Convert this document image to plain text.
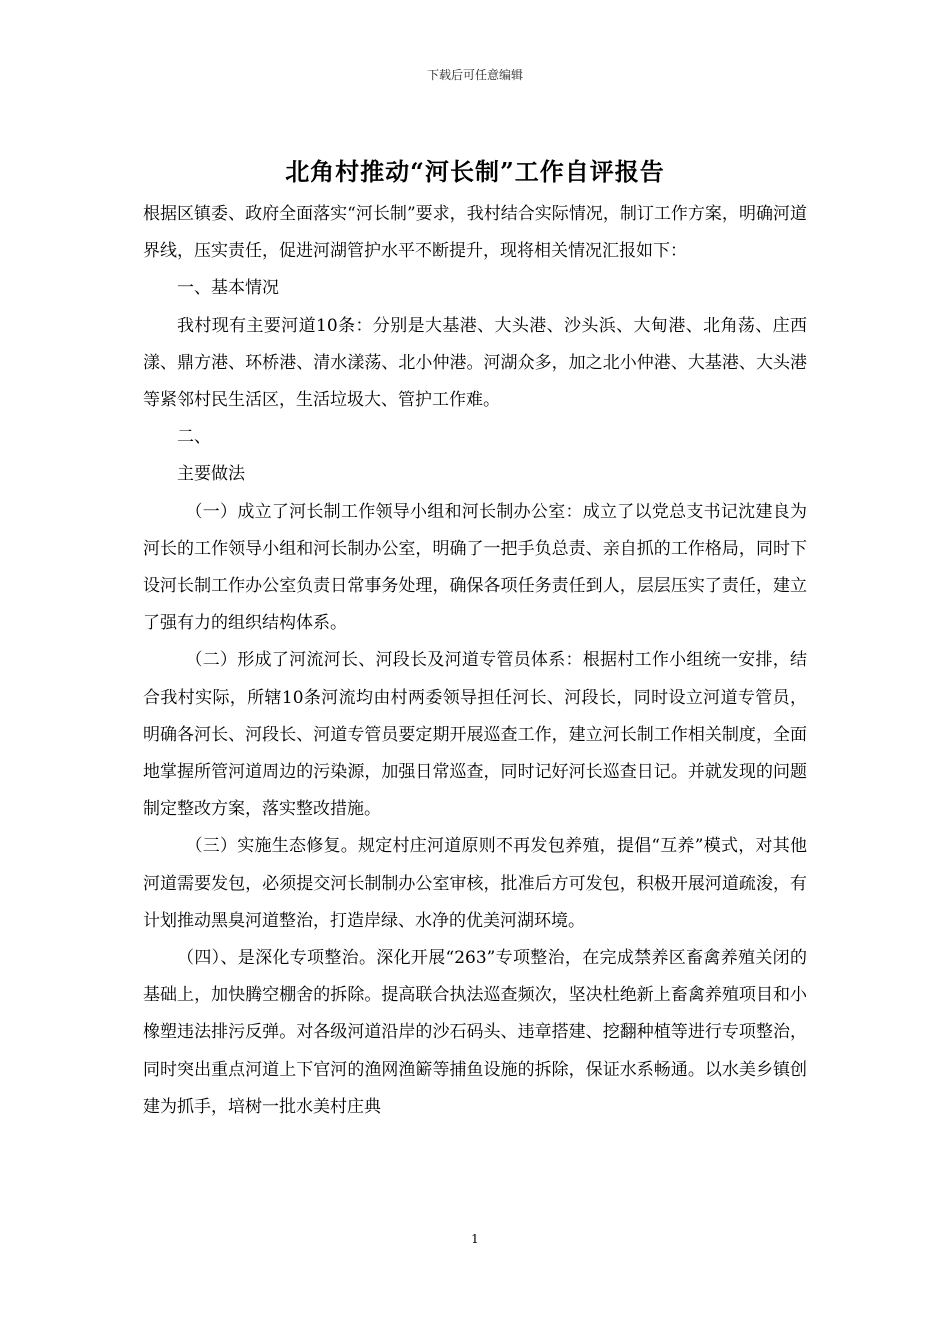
下载后可任意编辑
北角村推动“河长制”工作自评报告

根据区镇委、政府全面落实“河长制”要求，我村结合实际情况，制订工作方案，明确河道界线，压实责任，促进河湖管护水平不断提升，现将相关情况汇报如下：

一、基本情况

我村现有主要河道10条：分别是大基港、大头港、沙头浜、大甸港、北角荡、庄西漾、鼎方港、环桥港、清水漾荡、北小仲港。河湖众多，加之北小仲港、大基港、大头港等紧邻村民生活区，生活垃圾大、管护工作难。

二、

主要做法

（一）成立了河长制工作领导小组和河长制办公室：成立了以党总支书记沈建良为河长的工作领导小组和河长制办公室，明确了一把手负总责、亲自抓的工作格局，同时下设河长制工作办公室负责日常事务处理，确保各项任务责任到人，层层压实了责任，建立了强有力的组织结构体系。

（二）形成了河流河长、河段长及河道专管员体系：根据村工作小组统一安排，结合我村实际，所辖10条河流均由村两委领导担任河长、河段长，同时设立河道专管员，明确各河长、河段长、河道专管员要定期开展巡查工作，建立河长制工作相关制度，全面地掌握所管河道周边的污染源，加强日常巡查，同时记好河长巡查日记。并就发现的问题制定整改方案，落实整改措施。

（三）实施生态修复。规定村庄河道原则不再发包养殖，提倡“互养”模式，对其他河道需要发包，必须提交河长制制办公室审核，批准后方可发包，积极开展河道疏浚，有计划推动黑臭河道整治，打造岸绿、水净的优美河湖环境。

（四）、是深化专项整治。深化开展“263”专项整治，在完成禁养区畜禽养殖关闭的基础上，加快腾空棚舍的拆除。提高联合执法巡查频次，坚决杜绝新上畜禽养殖项目和小橡塑违法排污反弹。对各级河道沿岸的沙石码头、违章搭建、挖翻种植等进行专项整治，同时突出重点河道上下官河的渔网渔簖等捕鱼设施的拆除，保证水系畅通。以水美乡镇创建为抓手，培树一批水美村庄典

1
